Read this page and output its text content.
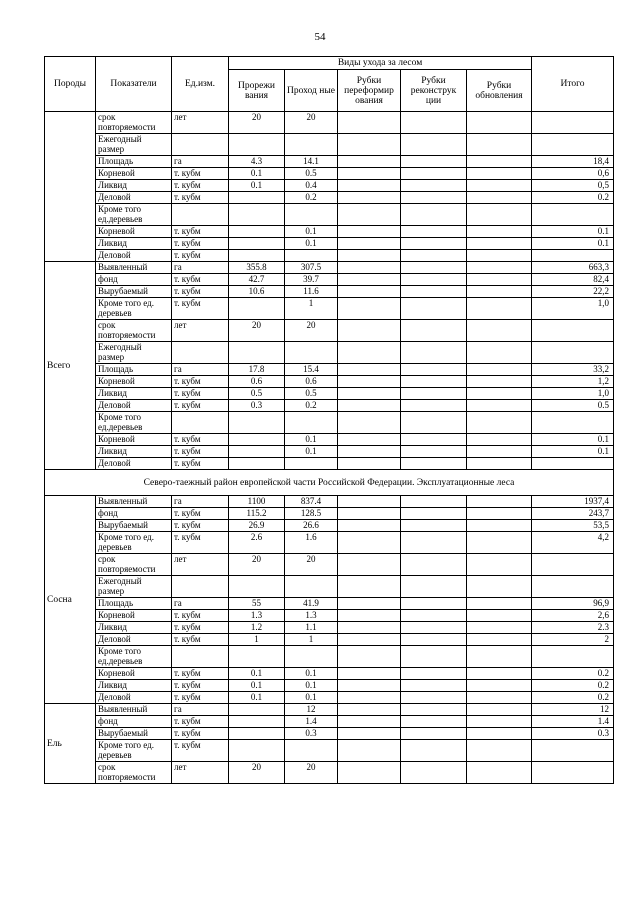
54
Породы	Показатели	Ед.изм.	Виды ухода за лесом					Итого
			Прорежи вания	Проход ные	Рубки переформир ования	Рубки реконструк ции	Рубки обновления	
	срок повторяемости	лет	20	20				
	Ежегодный размер							
	Площадь	га	4.3	14.1				18,4
	Корневой	т. кубм	0.1	0.5				0,6
	Ликвид	т. кубм	0.1	0.4				0,5
	Деловой	т. кубм		0.2				0.2
	Кроме того ед.деревьев							
	Корневой	т. кубм		0.1				0.1
	Ликвид	т. кубм		0.1				0.1
	Деловой	т. кубм						
Всего	Выявленный	га	355.8	307.5				663,3
	фонд	т. кубм	42.7	39.7				82,4
	Вырубаемый	т. кубм	10.6	11.6				22,2
	Кроме того ед. деревьев	т. кубм		1				1,0
	срок повторяемости	лет	20	20				
	Ежегодный размер							
	Площадь	га	17.8	15.4				33,2
	Корневой	т. кубм	0.6	0.6				1,2
	Ликвид	т. кубм	0.5	0.5				1,0
	Деловой	т. кубм	0.3	0.2				0.5
	Кроме того ед.деревьев							
	Корневой	т. кубм		0.1				0.1
	Ликвид	т. кубм		0.1				0.1
	Деловой	т. кубм						
Северо-таежный район европейской части Российской Федерации. Эксплуатационные леса								
Сосна	Выявленный	га	1100	837.4				1937,4
	фонд	т. кубм	115.2	128.5				243,7
	Вырубаемый	т. кубм	26.9	26.6				53,5
	Кроме того ед. деревьев	т. кубм	2.6	1.6				4,2
	срок повторяемости	лет	20	20				
	Ежегодный размер							
	Площадь	га	55	41.9				96,9
	Корневой	т. кубм	1.3	1.3				2,6
	Ликвид	т. кубм	1.2	1.1				2.3
	Деловой	т. кубм	1	1				2
	Кроме того ед.деревьев							
	Корневой	т. кубм	0.1	0.1				0.2
	Ликвид	т. кубм	0.1	0.1				0.2
	Деловой	т. кубм	0.1	0.1				0.2
Ель	Выявленный	га		12				12
	фонд	т. кубм		1.4				1.4
	Вырубаемый	т. кубм		0.3				0.3
	Кроме того ед. деревьев	т. кубм						
	срок повторяемости	лет	20	20				
